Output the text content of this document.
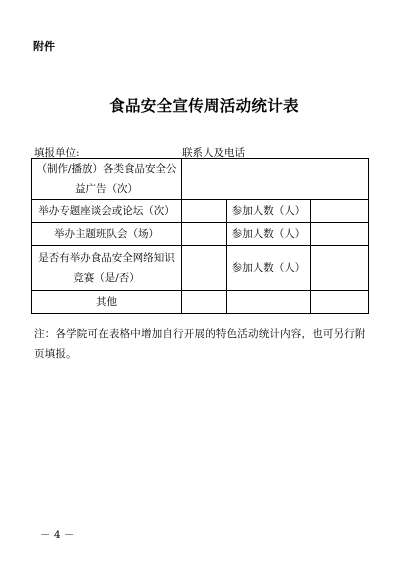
附件
食品安全宣传周活动统计表
填报单位:	联系人及电话
（制作/播放）各类食品安全公益广告（次）			
举办专题座谈会或论坛（次）		参加人数（人）	
举办主题班队会（场）		参加人数（人）	
是否有举办食品安全网络知识竞赛（是/否）		参加人数（人）	
其他			
注：各学院可在表格中增加自行开展的特色活动统计内容，也可另行附页填报。
－ 4 －
